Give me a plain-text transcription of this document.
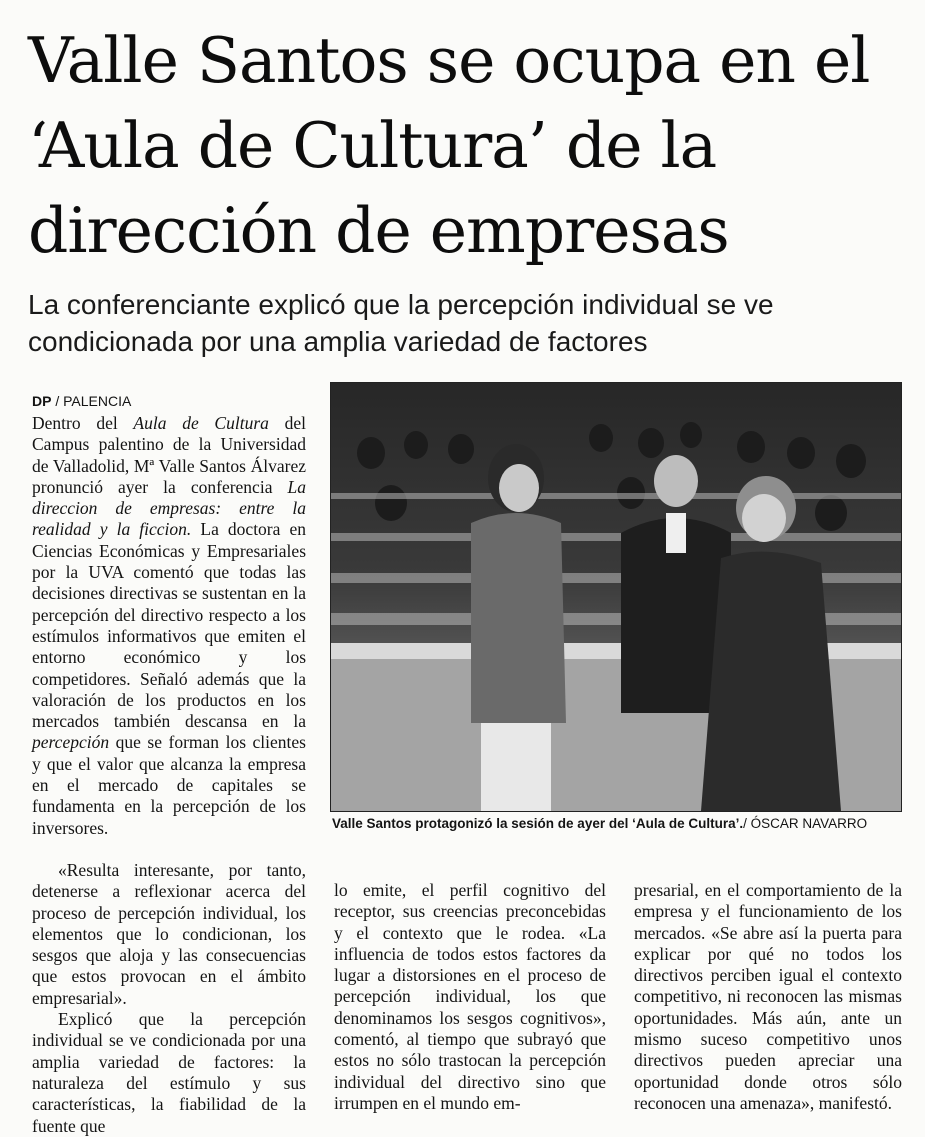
Valle Santos se ocupa en el ‘Aula de Cultura’ de la dirección de empresas

La conferenciante explicó que la percepción individual se ve condicionada por una amplia variedad de factores

DP / PALENCIA

Dentro del Aula de Cultura del Campus palentino de la Universidad de Valladolid, Mª Valle Santos Álvarez pronunció ayer la conferencia La direccion de empresas: entre la realidad y la ficcion. La doctora en Ciencias Económicas y Empresariales por la UVA comentó que todas las decisiones directivas se sustentan en la percepción del directivo respecto a los estímulos informativos que emiten el entorno económico y los competidores. Señaló además que la valoración de los productos en los mercados también descansa en la percepción que se forman los clientes y que el valor que alcanza la empresa en el mercado de capitales se fundamenta en la percepción de los inversores.

«Resulta interesante, por tanto, detenerse a reflexionar acerca del proceso de percepción individual, los elementos que lo condicionan, los sesgos que aloja y las consecuencias que estos provocan en el ámbito empresarial».

Explicó que la percepción individual se ve condicionada por una amplia variedad de factores: la naturaleza del estímulo y sus características, la fiabilidad de la fuente que

Valle Santos protagonizó la sesión de ayer del ‘Aula de Cultura’./ ÓSCAR NAVARRO

lo emite, el perfil cognitivo del receptor, sus creencias preconcebidas y el contexto que le rodea. «La influencia de todos estos factores da lugar a distorsiones en el proceso de percepción individual, los que denominamos los sesgos cognitivos», comentó, al tiempo que subrayó que estos no sólo trastocan la percepción individual del directivo sino que irrumpen en el mundo em-

presarial, en el comportamiento de la empresa y el funcionamiento de los mercados. «Se abre así la puerta para explicar por qué no todos los directivos perciben igual el contexto competitivo, ni reconocen las mismas oportunidades. Más aún, ante un mismo suceso competitivo unos directivos pueden apreciar una oportunidad donde otros sólo reconocen una amenaza», manifestó.
